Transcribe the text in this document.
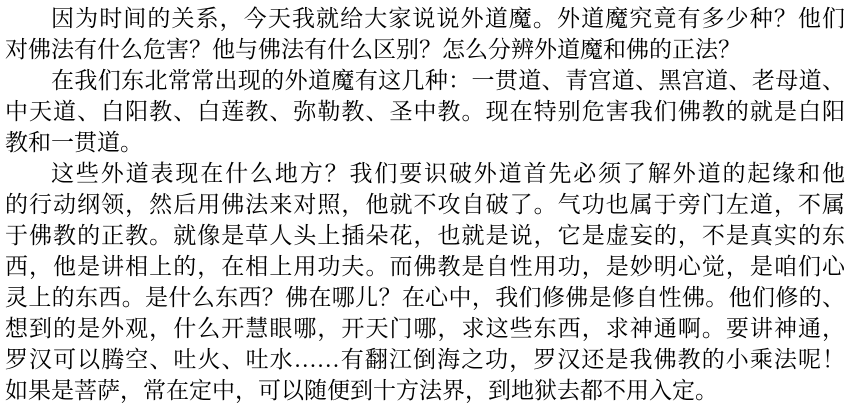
因为时间的关系，今天我就给大家说说外道魔。外道魔究竟有多少种？他们
对佛法有什么危害？他与佛法有什么区别？怎么分辨外道魔和佛的正法？
在我们东北常常出现的外道魔有这几种：一贯道、青宫道、黑宫道、老母道、
中天道、白阳教、白莲教、弥勒教、圣中教。现在特别危害我们佛教的就是白阳
教和一贯道。
这些外道表现在什么地方？我们要识破外道首先必须了解外道的起缘和他
的行动纲领，然后用佛法来对照，他就不攻自破了。气功也属于旁门左道，不属
于佛教的正教。就像是草人头上插朵花，也就是说，它是虚妄的，不是真实的东
西，他是讲相上的，在相上用功夫。而佛教是自性用功，是妙明心觉，是咱们心
灵上的东西。是什么东西？佛在哪儿？在心中，我们修佛是修自性佛。他们修的、
想到的是外观，什么开慧眼哪，开天门哪，求这些东西，求神通啊。要讲神通，
罗汉可以腾空、吐火、吐水……有翻江倒海之功，罗汉还是我佛教的小乘法呢！
如果是菩萨，常在定中，可以随便到十方法界，到地狱去都不用入定。
